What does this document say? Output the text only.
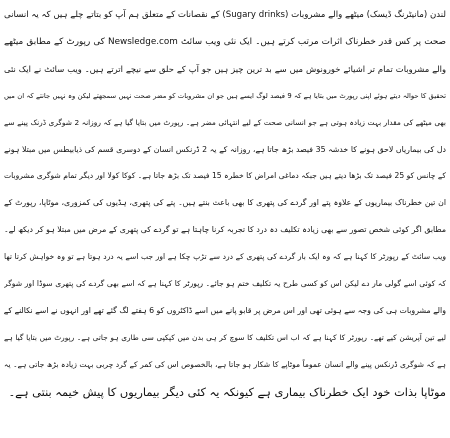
لندن (مانیٹرنگ ڈیسک) میٹھے والے مشروبات (Sugary drinks) کے نقصانات کے متعلق ہم آپ کو بتاتے چلے ہیں کہ یہ انسانی
صحت پر کس قدر خطرناک اثرات مرتب کرتے ہیں۔ ایک نئی ویب سائٹ Newsledge.com کی رپورٹ کے مطابق میٹھے
والے مشروبات تمام تر اشیائے خورونوش میں سے بد ترین چیز ہیں جو آپ کے حلق سے نیچے اترتے ہیں۔ ویب سائٹ نے ایک نئی
تحقیق کا حوالہ دیتے ہوئے اپنی رپورٹ میں بتایا ہے کہ 9 فیصد لوگ ایسے ہیں جو ان مشروبات کو مضر صحت نہیں سمجھتے لیکن وہ نہیں جانتے کہ ان میں
بھی میٹھے کی مقدار بہت زیادہ ہوتی ہے جو انسانی صحت کے لیے انتہائی مضر ہے۔ رپورٹ میں بتایا گیا ہے کہ روزانہ 2 شوگری ڈرنک پینے سے
دل کی بیماریاں لاحق ہونے کا خدشہ 35 فیصد بڑھ جاتا ہے، روزانہ کے یہ 2 ڈرنکس انسان کے دوسری قسم کی ذیابیطس میں مبتلا ہونے
کے چانس کو 25 فیصد تک بڑھا دیتے ہیں جبکہ دماغی امراض کا خطرہ 15 فیصد تک بڑھ جاتا ہے۔ کوکا کولا اور دیگر تمام شوگری مشروبات
ان تین خطرناک بیماریوں کے علاوہ پتے اور گردے کی پتھری کا بھی باعث بنتے ہیں۔ پتے کی پتھری، ہڈیوں کی کمزوری، موٹاپا، رپورٹ کے
مطابق اگر کوئی شخص تصور سے بھی زیادہ تکلیف دہ درد کا تجربہ کرنا چاہتا ہے تو گردے کی پتھری کے مرض میں مبتلا ہو کر دیکھ لے۔
ویب سائٹ کے رپورٹر کا کہنا ہے کہ وہ ایک بار گردے کی پتھری کے درد سے تڑپ چکا ہے اور جب اسے یہ درد ہوتا ہے تو وہ خواہش کرتا تھا
کہ کوئی اسے گولی مار دے لیکن اس کو کسی طرح یہ تکلیف ختم ہو جائے۔ رپورٹر کا کہنا ہے کہ اسے بھی گردے کی پتھری سوڈا اور شوگر
والے مشروبات ہی کی وجہ سے ہوئی تھی اور اس مرض پر قابو پانے میں اسے ڈاکٹروں کو 6 ہفتے لگ گئے تھے اور انہوں نے اسے نکالنے کے
لیے تین آپریشن کیے تھے۔ رپورٹر کا کہنا ہے کہ اب اس تکلیف کا سوچ کر ہی بدن میں کپکپی سی طاری ہو جاتی ہے۔ رپورٹ میں بتایا گیا ہے
ہے کہ شوگری ڈرنکس پینے والے انسان عموماً موٹاپے کا شکار ہو جاتا ہے، بالخصوص اس کی کمر کے گرد چربی بہت زیادہ بڑھ جاتی ہے۔ یہ
موٹاپا بذات خود ایک خطرناک بیماری ہے کیونکہ یہ کئی دیگر بیماریوں کا پیش خیمہ بنتی ہے۔
